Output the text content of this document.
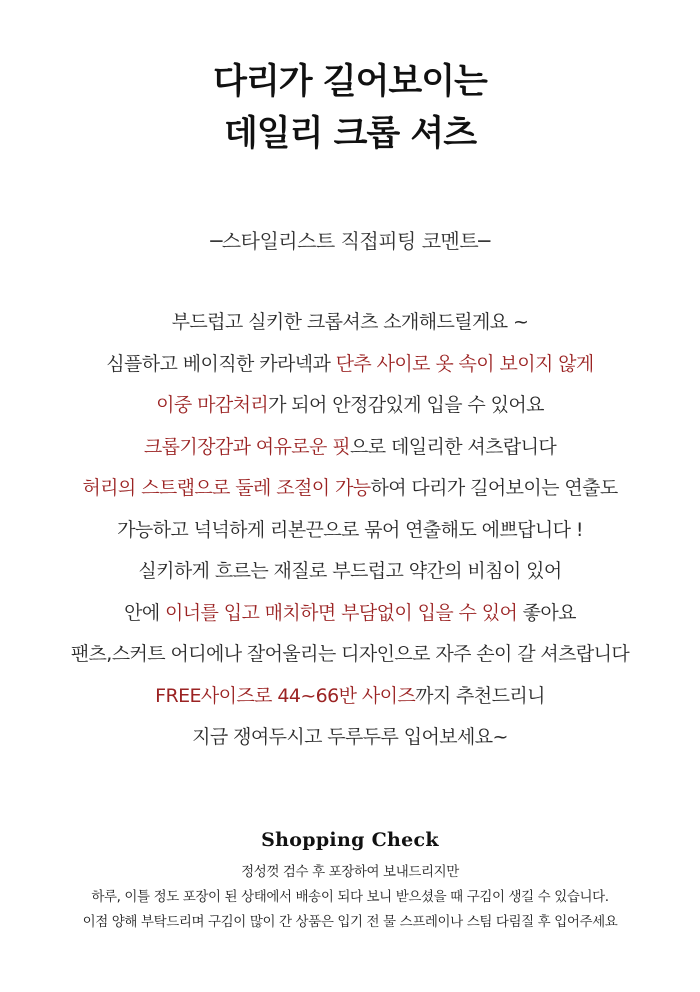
다리가 길어보이는
데일리 크롭 셔츠
─스타일리스트 직접피팅 코멘트─
부드럽고 실키한 크롭셔츠 소개해드릴게요 ~
심플하고 베이직한 카라넥과 단추 사이로 옷 속이 보이지 않게
이중 마감처리가 되어 안정감있게 입을 수 있어요
크롭기장감과 여유로운 핏으로 데일리한 셔츠랍니다
허리의 스트랩으로 둘레 조절이 가능하여 다리가 길어보이는 연출도
가능하고 넉넉하게 리본끈으로 묶어 연출해도 에쁘답니다 !
실키하게 흐르는 재질로 부드럽고 약간의 비침이 있어
안에 이너를 입고 매치하면 부담없이 입을 수 있어 좋아요
팬츠,스커트 어디에나 잘어울리는 디자인으로 자주 손이 갈 셔츠랍니다
FREE사이즈로 44~66반 사이즈까지 추천드리니
지금 쟁여두시고 두루두루 입어보세요~
Shopping Check
정성껏 검수 후 포장하여 보내드리지만
하루, 이틀 정도 포장이 된 상태에서 배송이 되다 보니 받으셨을 때 구김이 생길 수 있습니다.
이점 양해 부탁드리며 구김이 많이 간 상품은 입기 전 물 스프레이나 스팀 다림질 후 입어주세요
